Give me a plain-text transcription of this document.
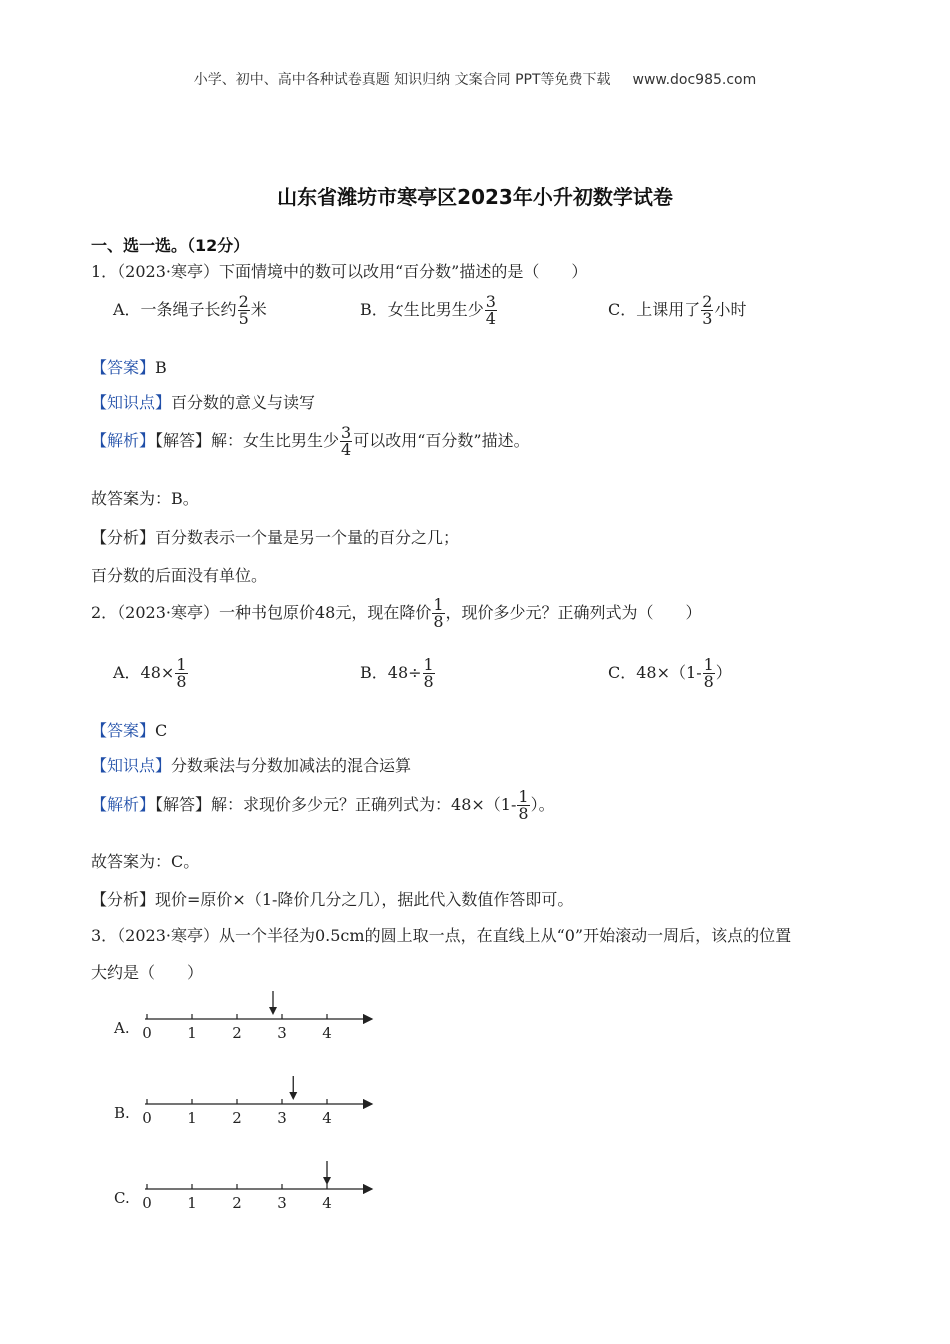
小学、初中、高中各种试卷真题 知识归纳 文案合同 PPT等免费下载 www.doc985.com
山东省潍坊市寒亭区2023年小升初数学试卷
一、选一选。（12分）
1．（2023·寒亭）下面情境中的数可以改用“百分数”描述的是（　　）
A．一条绳子长约 $\frac{2}{5}$ 米	B．女生比男生少 $\frac{3}{4}$	C．上课用了 $\frac{2}{3}$ 小时
【答案】B
【知识点】百分数的意义与读写
【解析】【解答】解：女生比男生少 $\frac{3}{4}$ 可以改用“百分数”描述。
故答案为：B。
【分析】百分数表示一个量是另一个量的百分之几；
百分数的后面没有单位。
2．（2023·寒亭）一种书包原价48元，现在降价 $\frac{1}{8}$ ，现价多少元？正确列式为（　　）
A．$48\times \frac{1}{8}$	B．$48\div \frac{1}{8}$	C．$48\times(1- \frac{1}{8}$ ）
【答案】C
【知识点】分数乘法与分数加减法的混合运算
【解析】【解答】解：求现价多少元？正确列式为：$48\times(1- \frac{1}{8}$ ）。
故答案为：C。
【分析】现价=原价×（1-降价几分之几），据此代入数值作答即可。
3．（2023·寒亭）从一个半径为0.5cm的圆上取一点，在直线上从“0”开始滚动一周后，该点的位置
大约是（　　）
A. 0 1 2 3 4
B. 0 1 2 3 4
C. 0 1 2 3 4
